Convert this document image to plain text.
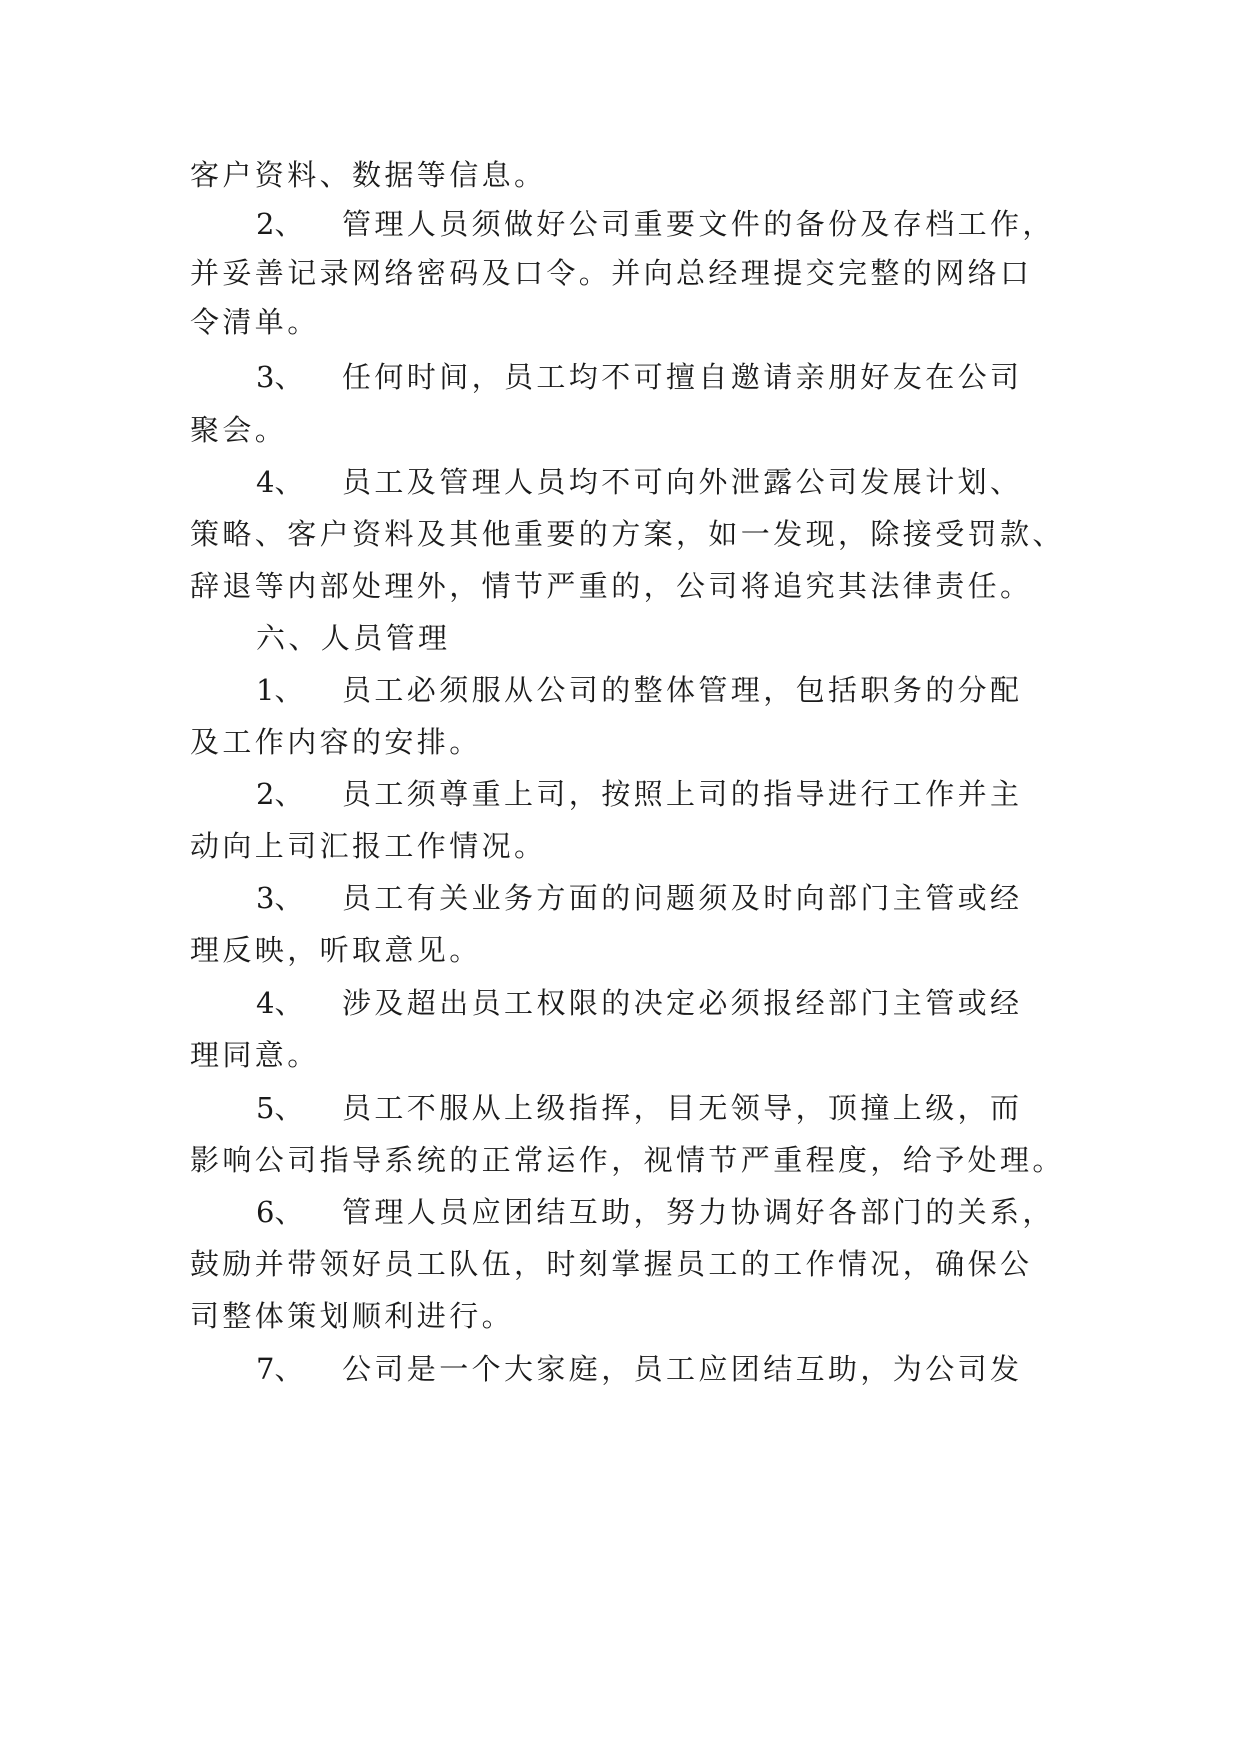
客户资料、数据等信息。
2、 管理人员须做好公司重要文件的备份及存档工作，
并妥善记录网络密码及口令。并向总经理提交完整的网络口
令清单。
3、 任何时间，员工均不可擅自邀请亲朋好友在公司
聚会。
4、 员工及管理人员均不可向外泄露公司发展计划、
策略、客户资料及其他重要的方案，如一发现，除接受罚款、
辞退等内部处理外，情节严重的，公司将追究其法律责任。
六、人员管理
1、 员工必须服从公司的整体管理，包括职务的分配
及工作内容的安排。
2、 员工须尊重上司，按照上司的指导进行工作并主
动向上司汇报工作情况。
3、 员工有关业务方面的问题须及时向部门主管或经
理反映，听取意见。
4、 涉及超出员工权限的决定必须报经部门主管或经
理同意。
5、 员工不服从上级指挥，目无领导，顶撞上级，而
影响公司指导系统的正常运作，视情节严重程度，给予处理。
6、 管理人员应团结互助，努力协调好各部门的关系，
鼓励并带领好员工队伍，时刻掌握员工的工作情况，确保公
司整体策划顺利进行。
7、 公司是一个大家庭，员工应团结互助，为公司发
